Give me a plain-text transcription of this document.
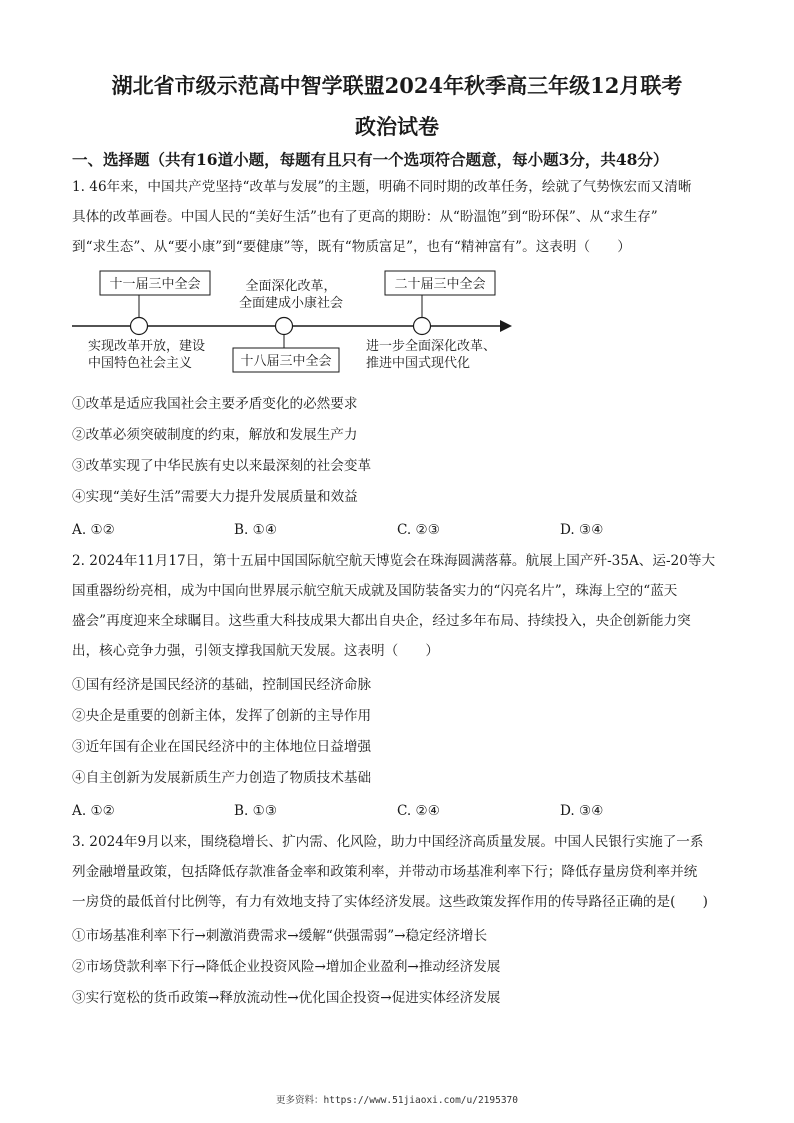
湖北省市级示范高中智学联盟2024年秋季高三年级12月联考
政治试卷
一、选择题（共有16道小题，每题有且只有一个选项符合题意，每小题3分，共48分）
1. 46年来，中国共产党坚持“改革与发展”的主题，明确不同时期的改革任务，绘就了气势恢宏而又清晰
具体的改革画卷。中国人民的“美好生活”也有了更高的期盼：从“盼温饱”到“盼环保”、从“求生存”
到“求生态”、从“要小康”到“要健康”等，既有“物质富足”，也有“精神富有”。这表明（　　）
十一届三中全会
实现改革开放，建设
中国特色社会主义
全面深化改革，
全面建成小康社会
十八届三中全会
二十届三中全会
进一步全面深化改革、
推进中国式现代化
①改革是适应我国社会主要矛盾变化的必然要求
②改革必须突破制度的约束，解放和发展生产力
③改革实现了中华民族有史以来最深刻的社会变革
④实现“美好生活”需要大力提升发展质量和效益
A. ①②	B. ①④	C. ②③	D. ③④
2. 2024年11月17日，第十五届中国国际航空航天博览会在珠海圆满落幕。航展上国产歼-35A、运-20等大
国重器纷纷亮相，成为中国向世界展示航空航天成就及国防装备实力的“闪亮名片”，珠海上空的“蓝天
盛会”再度迎来全球瞩目。这些重大科技成果大都出自央企，经过多年布局、持续投入，央企创新能力突
出，核心竞争力强，引领支撑我国航天发展。这表明（　　）
①国有经济是国民经济的基础，控制国民经济命脉
②央企是重要的创新主体，发挥了创新的主导作用
③近年国有企业在国民经济中的主体地位日益增强
④自主创新为发展新质生产力创造了物质技术基础
A. ①②	B. ①③	C. ②④	D. ③④
3. 2024年9月以来，围绕稳增长、扩内需、化风险，助力中国经济高质量发展。中国人民银行实施了一系
列金融增量政策，包括降低存款准备金率和政策利率，并带动市场基准利率下行；降低存量房贷利率并统
一房贷的最低首付比例等，有力有效地支持了实体经济发展。这些政策发挥作用的传导路径正确的是(　　)
①市场基准利率下行→刺激消费需求→缓解“供强需弱”→稳定经济增长
②市场贷款利率下行→降低企业投资风险→增加企业盈利→推动经济发展
③实行宽松的货币政策→释放流动性→优化国企投资→促进实体经济发展
更多资料：https://www.51jiaoxi.com/u/2195370
